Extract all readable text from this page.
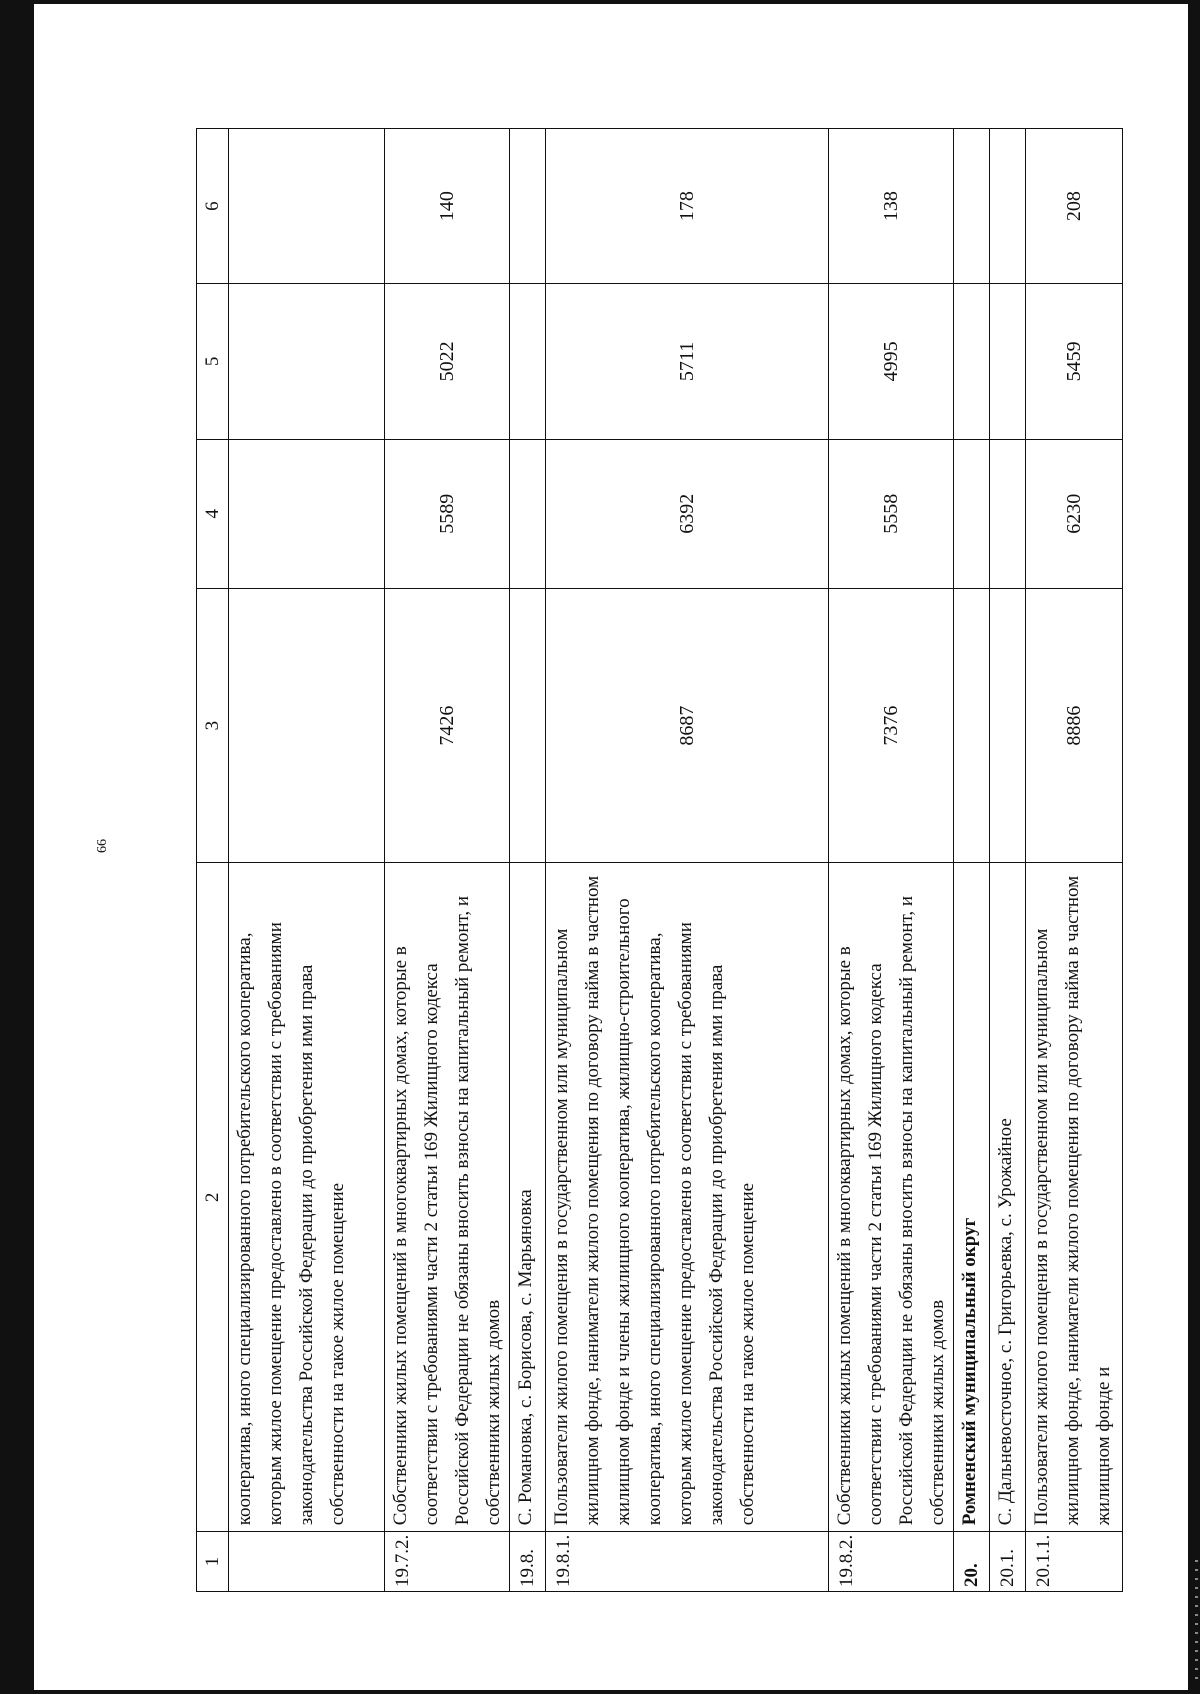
66
1	2	3	4	5	6
	кооператива, иного специализированного потребительского кооператива, которым жилое помещение предоставлено в соответствии с требованиями законодательства Российской Федерации до приобретения ими права собственности на такое жилое помещение				
19.7.2.	Собственники жилых помещений в многоквартирных домах, которые в соответствии с требованиями части 2 статьи 169 Жилищного кодекса Российской Федерации не обязаны вносить взносы на капитальный ремонт, и собственники жилых домов	7426	5589	5022	140
19.8.	С. Романовка, с. Борисова, с. Марьяновка				
19.8.1.	Пользователи жилого помещения в государственном или муниципальном жилищном фонде, наниматели жилого помещения по договору найма в частном жилищном фонде и члены жилищного кооператива, жилищно-строительного кооператива, иного специализированного потребительского кооператива, которым жилое помещение предоставлено в соответствии с требованиями законодательства Российской Федерации до приобретения ими права собственности на такое жилое помещение	8687	6392	5711	178
19.8.2.	Собственники жилых помещений в многоквартирных домах, которые в соответствии с требованиями части 2 статьи 169 Жилищного кодекса Российской Федерации не обязаны вносить взносы на капитальный ремонт, и собственники жилых домов	7376	5558	4995	138
20.	Ромненский муниципальный округ				
20.1.	С. Дальневосточное, с. Григорьевка, с. Урожайное				
20.1.1.	Пользователи жилого помещения в государственном или муниципальном жилищном фонде, наниматели жилого помещения по договору найма в частном жилищном фонде и	8886	6230	5459	208
